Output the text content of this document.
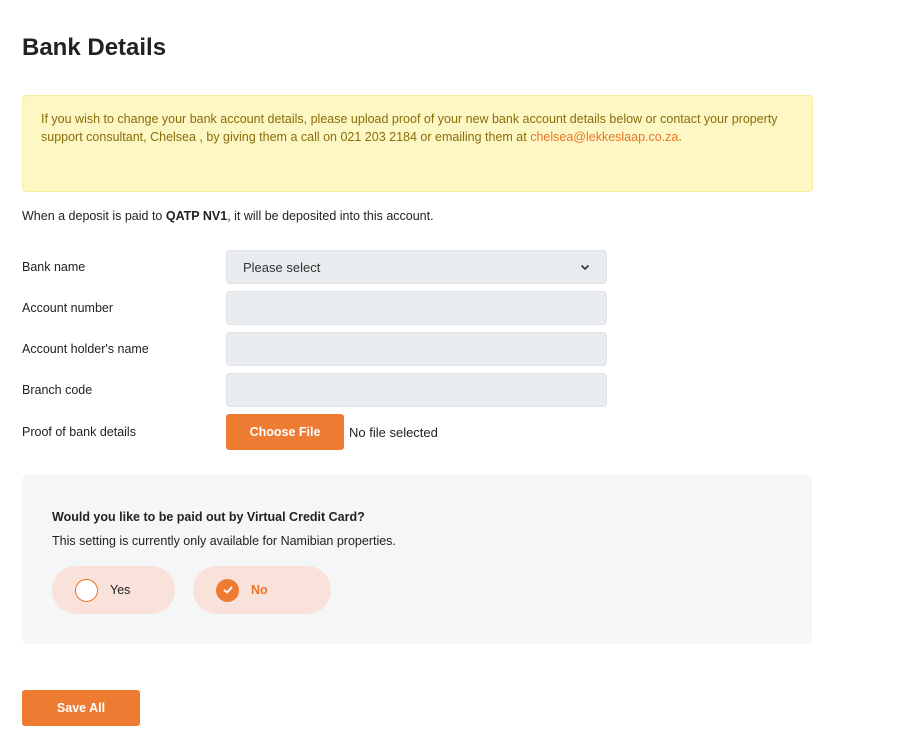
Bank Details
If you wish to change your bank account details, please upload proof of your new bank account details below or contact your property support consultant, Chelsea , by giving them a call on 021 203 2184 or emailing them at chelsea@lekkeslaap.co.za.

When a deposit is paid to QATP NV1, it will be deposited into this account.

Bank name	Please select
Account number
Account holder's name
Branch code
Proof of bank details	Choose File	No file selected
Would you like to be paid out by Virtual Credit Card?
This setting is currently only available for Namibian properties.
Yes	No
Save All
